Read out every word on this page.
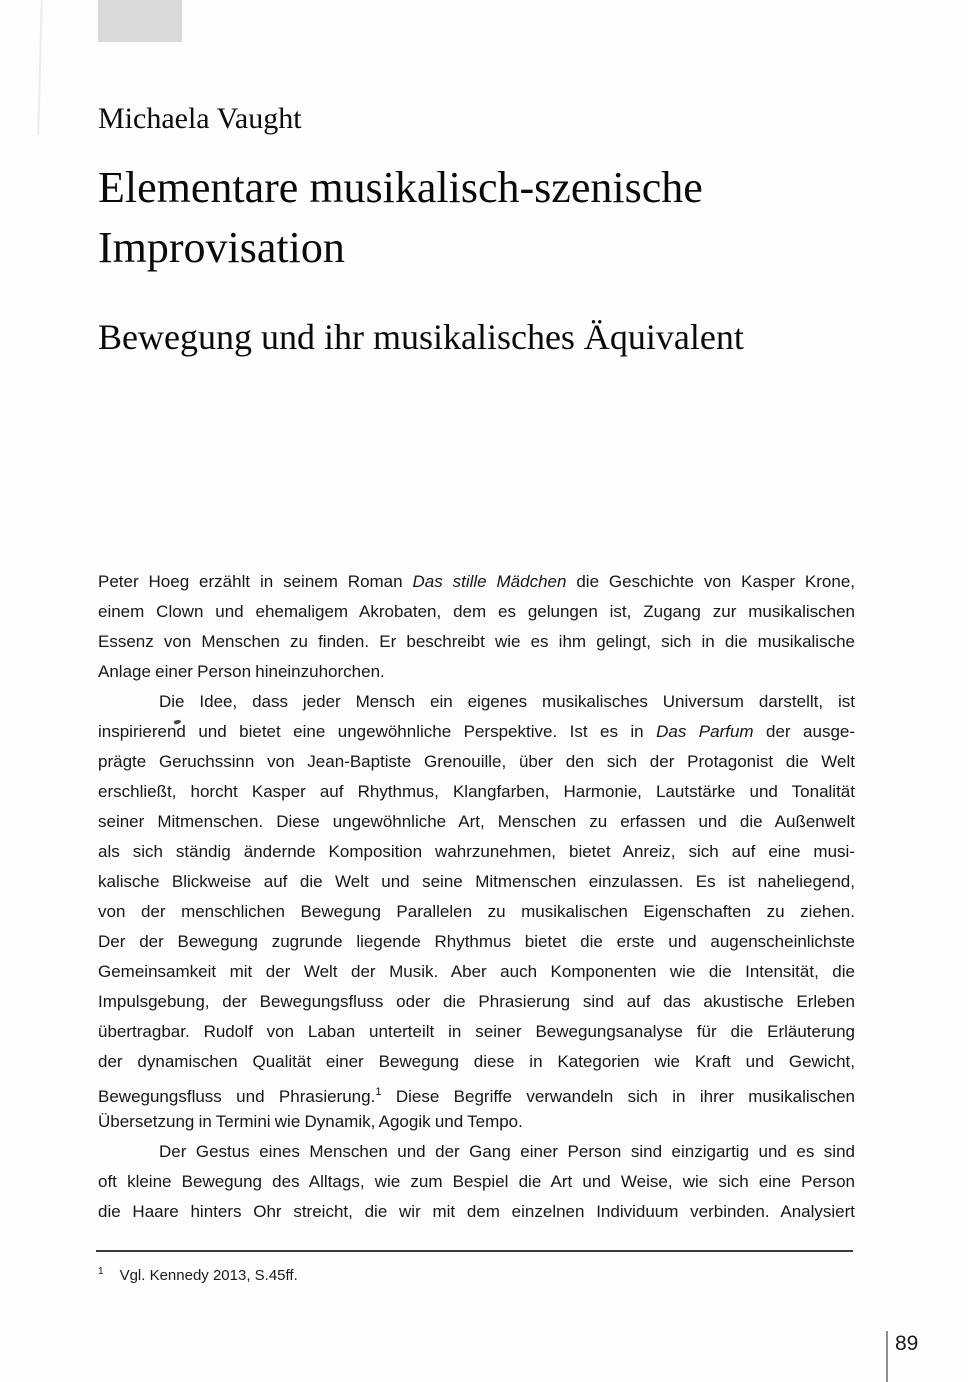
Michaela Vaught
Elementare musikalisch-szenische
Improvisation
Bewegung und ihr musikalisches Äquivalent
Peter Hoeg erzählt in seinem Roman Das stille Mädchen die Geschichte von Kasper Krone,
einem Clown und ehemaligem Akrobaten, dem es gelungen ist, Zugang zur musikalischen
Essenz von Menschen zu finden. Er beschreibt wie es ihm gelingt, sich in die musikalische
Anlage einer Person hineinzuhorchen.
Die Idee, dass jeder Mensch ein eigenes musikalisches Universum darstellt, ist
inspirierend und bietet eine ungewöhnliche Perspektive. Ist es in Das Parfum der ausge-
prägte Geruchssinn von Jean-Baptiste Grenouille, über den sich der Protagonist die Welt
erschließt, horcht Kasper auf Rhythmus, Klangfarben, Harmonie, Lautstärke und Tonalität
seiner Mitmenschen. Diese ungewöhnliche Art, Menschen zu erfassen und die Außenwelt
als sich ständig ändernde Komposition wahrzunehmen, bietet Anreiz, sich auf eine musi-
kalische Blickweise auf die Welt und seine Mitmenschen einzulassen. Es ist naheliegend,
von der menschlichen Bewegung Parallelen zu musikalischen Eigenschaften zu ziehen.
Der der Bewegung zugrunde liegende Rhythmus bietet die erste und augenscheinlichste
Gemeinsamkeit mit der Welt der Musik. Aber auch Komponenten wie die Intensität, die
Impulsgebung, der Bewegungsfluss oder die Phrasierung sind auf das akustische Erleben
übertragbar. Rudolf von Laban unterteilt in seiner Bewegungsanalyse für die Erläuterung
der dynamischen Qualität einer Bewegung diese in Kategorien wie Kraft und Gewicht,
Bewegungsfluss und Phrasierung.$^1$ Diese Begriffe verwandeln sich in ihrer musikalischen
Übersetzung in Termini wie Dynamik, Agogik und Tempo.
Der Gestus eines Menschen und der Gang einer Person sind einzigartig und es sind
oft kleine Bewegung des Alltags, wie zum Bespiel die Art und Weise, wie sich eine Person
die Haare hinters Ohr streicht, die wir mit dem einzelnen Individuum verbinden. Analysiert
$^1$ Vgl. Kennedy 2013, S.45ff.
89
